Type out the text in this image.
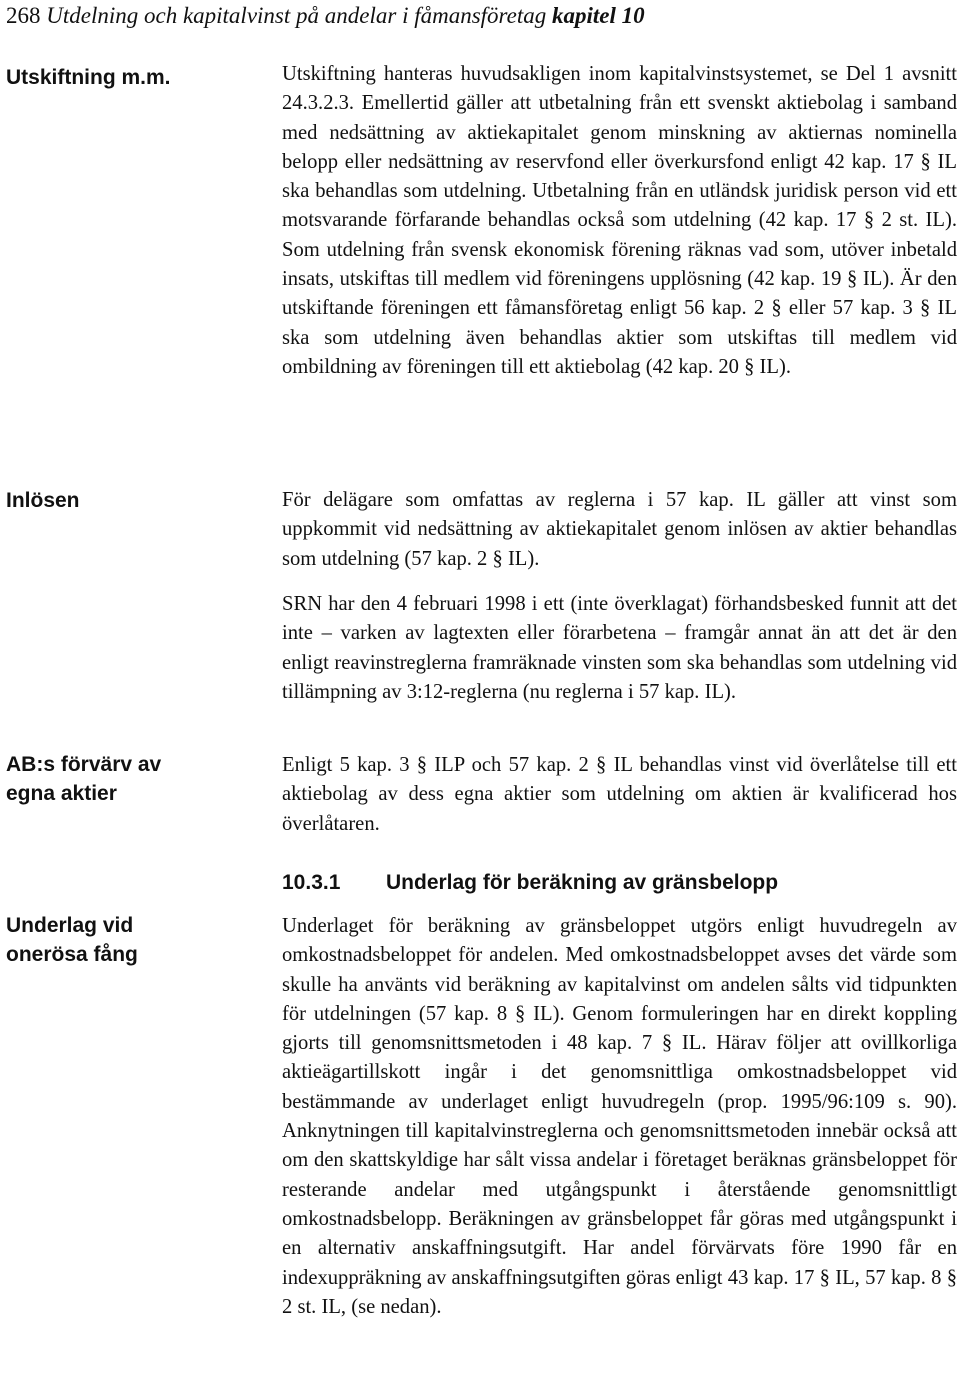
268 Utdelning och kapitalvinst på andelar i fåmansföretag kapitel 10
Utskiftning m.m.
Inlösen
AB:s förvärv av egna aktier
Underlag vid onerösa fång
Utskiftning hanteras huvudsakligen inom kapitalvinstsystemet, se Del 1 avsnitt 24.3.2.3. Emellertid gäller att utbetalning från ett svenskt aktiebolag i samband med nedsättning av aktiekapitalet genom minskning av aktiernas nominella belopp eller nedsättning av reservfond eller överkursfond enligt 42 kap. 17 § IL ska behandlas som utdelning. Utbetalning från en utländsk juridisk person vid ett motsvarande förfarande behandlas också som utdelning (42 kap. 17 § 2 st. IL). Som utdelning från svensk ekonomisk förening räknas vad som, utöver inbetald insats, utskiftas till medlem vid föreningens upplösning (42 kap. 19 § IL). Är den utskiftande föreningen ett fåmansföretag enligt 56 kap. 2 § eller 57 kap. 3 § IL ska som utdelning även behandlas aktier som utskiftas till medlem vid ombildning av föreningen till ett aktiebolag (42 kap. 20 § IL).
För delägare som omfattas av reglerna i 57 kap. IL gäller att vinst som uppkommit vid nedsättning av aktiekapitalet genom inlösen av aktier behandlas som utdelning (57 kap. 2 § IL).
SRN har den 4 februari 1998 i ett (inte överklagat) förhandsbesked funnit att det inte – varken av lagtexten eller förarbetena – framgår annat än att det är den enligt reavinstreglerna framräknade vinsten som ska behandlas som utdelning vid tillämpning av 3:12-reglerna (nu reglerna i 57 kap. IL).
Enligt 5 kap. 3 § ILP och 57 kap. 2 § IL behandlas vinst vid överlåtelse till ett aktiebolag av dess egna aktier som utdelning om aktien är kvalificerad hos överlåtaren.
10.3.1 Underlag för beräkning av gränsbelopp
Underlaget för beräkning av gränsbeloppet utgörs enligt huvudregeln av omkostnadsbeloppet för andelen. Med omkostnadsbeloppet avses det värde som skulle ha använts vid beräkning av kapitalvinst om andelen sålts vid tidpunkten för utdelningen (57 kap. 8 § IL). Genom formuleringen har en direkt koppling gjorts till genomsnittsmetoden i 48 kap. 7 § IL. Härav följer att ovillkorliga aktieägartillskott ingår i det genomsnittliga omkostnadsbeloppet vid bestämmande av underlaget enligt huvudregeln (prop. 1995/96:109 s. 90). Anknytningen till kapitalvinstreglerna och genomsnittsmetoden innebär också att om den skattskyldige har sålt vissa andelar i företaget beräknas gränsbeloppet för resterande andelar med utgångspunkt i återstående genomsnittligt omkostnadsbelopp. Beräkningen av gränsbeloppet får göras med utgångspunkt i en alternativ anskaffningsutgift. Har andel förvärvats före 1990 får en indexuppräkning av anskaffningsutgiften göras enligt 43 kap. 17 § IL, 57 kap. 8 § 2 st. IL, (se nedan).
